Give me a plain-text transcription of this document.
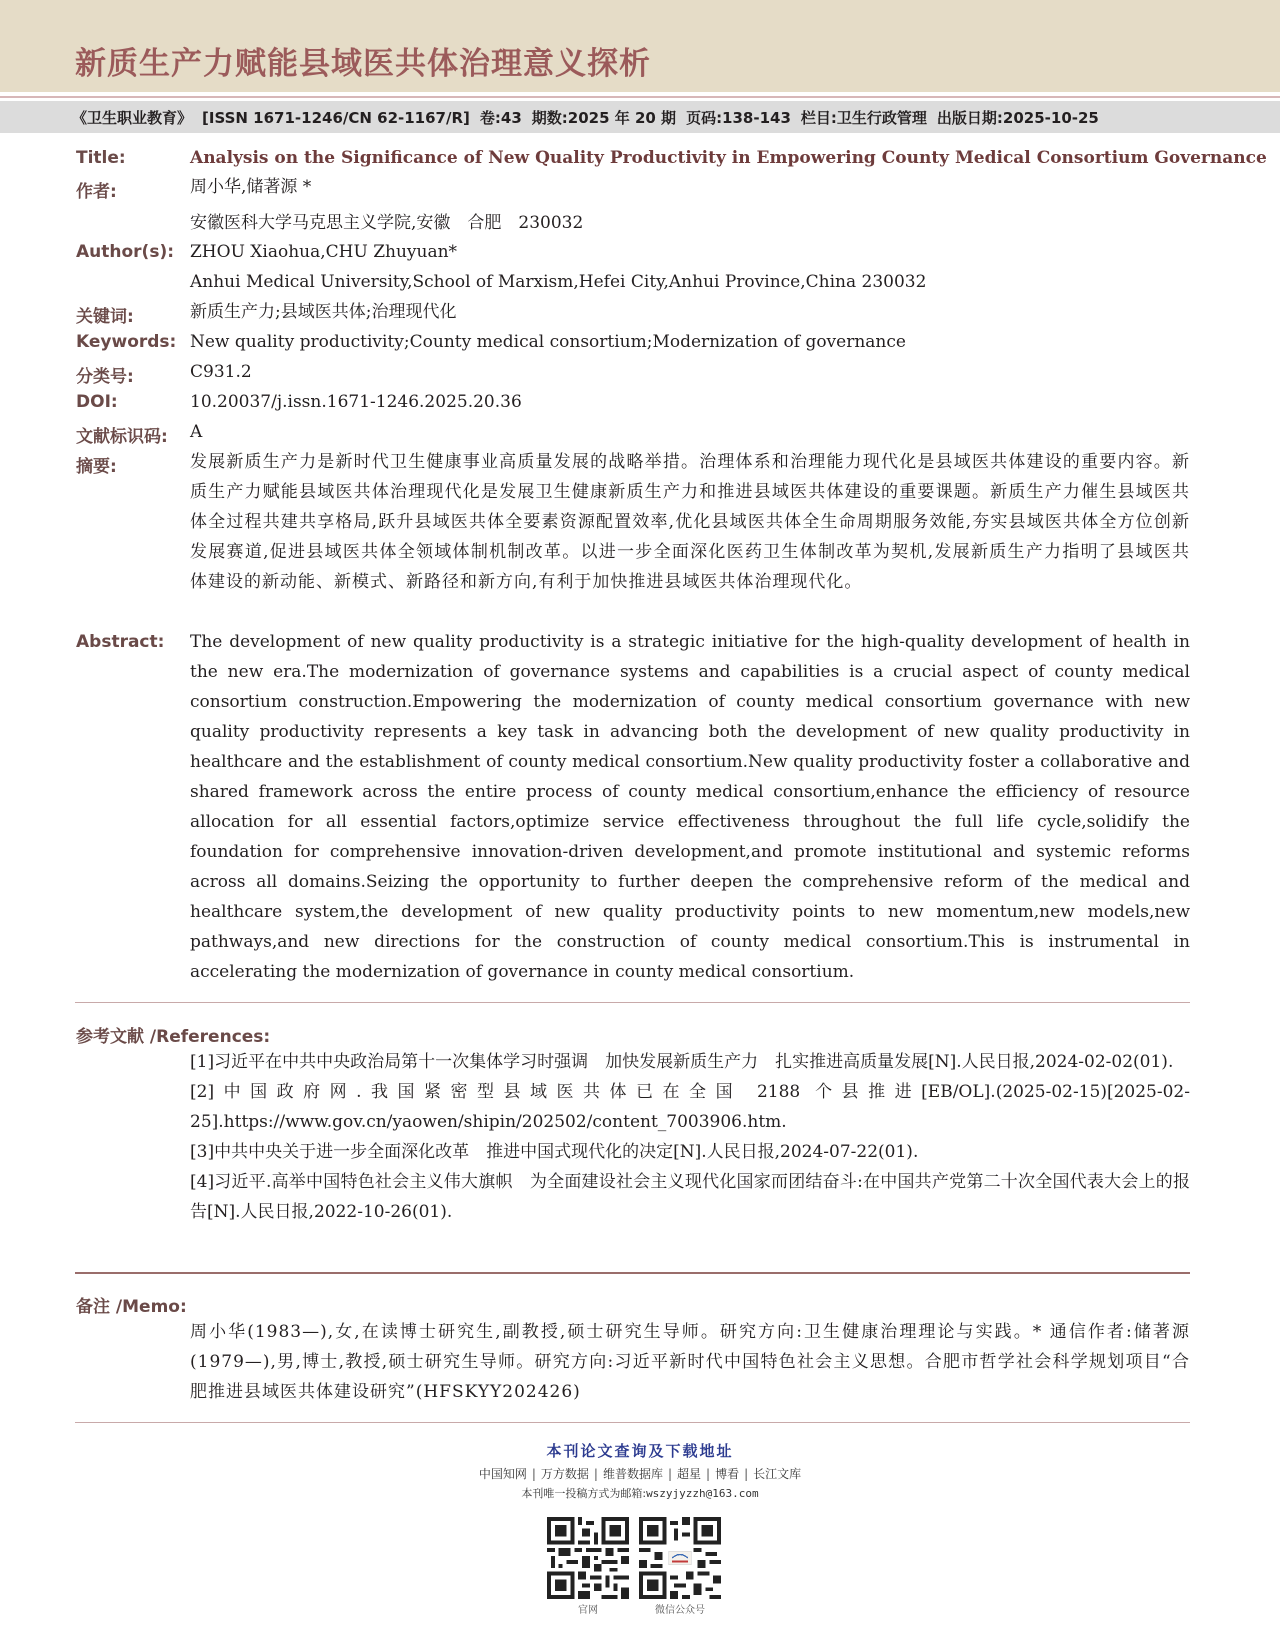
新质生产力赋能县域医共体治理意义探析
《卫生职业教育》 [ISSN 1671-1246/CN 62-1167/R] 卷:43 期数:2025 年 20 期 页码:138-143 栏目:卫生行政管理 出版日期:2025-10-25
Title:	Analysis on the Significance of New Quality Productivity in Empowering County Medical Consortium Governance
作者:	周小华,储著源 *
安徽医科大学马克思主义学院,安徽　合肥　230032
Author(s): ZHOU Xiaohua,CHU Zhuyuan*
Anhui Medical University,School of Marxism,Hefei City,Anhui Province,China 230032
关键词:	新质生产力;县域医共体;治理现代化
Keywords: New quality productivity;County medical consortium;Modernization of governance
分类号:	C931.2
DOI:	10.20037/j.issn.1671-1246.2025.20.36
文献标识码: A
摘要:	发展新质生产力是新时代卫生健康事业高质量发展的战略举措。治理体系和治理能力现代化是县域医共体建设的重要内容。新质生产力赋能县域医共体治理现代化是发展卫生健康新质生产力和推进县域医共体建设的重要课题。新质生产力催生县域医共体全过程共建共享格局,跃升县域医共体全要素资源配置效率,优化县域医共体全生命周期服务效能,夯实县域医共体全方位创新发展赛道,促进县域医共体全领域体制机制改革。以进一步全面深化医药卫生体制改革为契机,发展新质生产力指明了县域医共体建设的新动能、新模式、新路径和新方向,有利于加快推进县域医共体治理现代化。
Abstract: The development of new quality productivity is a strategic initiative for the high-quality development of health in the new era.The modernization of governance systems and capabilities is a crucial aspect of county medical consortium construction.Empowering the modernization of county medical consortium governance with new quality productivity represents a key task in advancing both the development of new quality productivity in healthcare and the establishment of county medical consortium.New quality productivity foster a collaborative and shared framework across the entire process of county medical consortium,enhance the efficiency of resource allocation for all essential factors,optimize service effectiveness throughout the full life cycle,solidify the foundation for comprehensive innovation-driven development,and promote institutional and systemic reforms across all domains.Seizing the opportunity to further deepen the comprehensive reform of the medical and healthcare system,the development of new quality productivity points to new momentum,new models,new pathways,and new directions for the construction of county medical consortium.This is instrumental in accelerating the modernization of governance in county medical consortium.
参考文献 /References:
[1]习近平在中共中央政治局第十一次集体学习时强调　加快发展新质生产力　扎实推进高质量发展[N].人民日报,2024-02-02(01).
[2]中国政府网.我国紧密型县域医共体已在全国 2188 个县推进[EB/OL].(2025-02-15)[2025-02-25].https://www.gov.cn/yaowen/shipin/202502/content_7003906.htm.
[3]中共中央关于进一步全面深化改革　推进中国式现代化的决定[N].人民日报,2024-07-22(01).
[4]习近平.高举中国特色社会主义伟大旗帜　为全面建设社会主义现代化国家而团结奋斗:在中国共产党第二十次全国代表大会上的报告[N].人民日报,2022-10-26(01).
备注 /Memo:
周小华(1983—),女,在读博士研究生,副教授,硕士研究生导师。研究方向:卫生健康治理理论与实践。* 通信作者:储著源(1979—),男,博士,教授,硕士研究生导师。研究方向:习近平新时代中国特色社会主义思想。合肥市哲学社会科学规划项目“合肥推进县域医共体建设研究”(HFSKYY202426)
本刊论文查询及下载地址
中国知网 | 万方数据 | 维普数据库 | 超星 | 博看 | 长江文库
本刊唯一投稿方式为邮箱:wszyjyzzh@163.com
官网	微信公众号
